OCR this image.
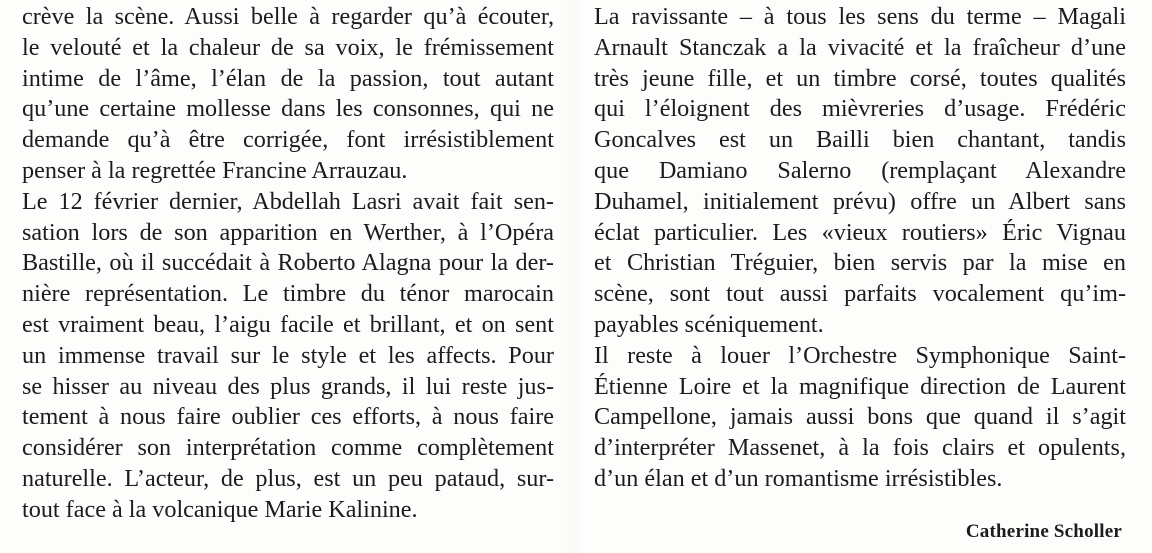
crève la scène. Aussi belle à regarder qu’à écouter,
le velouté et la chaleur de sa voix, le frémissement
intime de l’âme, l’élan de la passion, tout autant
qu’une certaine mollesse dans les consonnes, qui ne
demande qu’à être corrigée, font irrésistiblement
penser à la regrettée Francine Arrauzau.
Le 12 février dernier, Abdellah Lasri avait fait sen-
sation lors de son apparition en Werther, à l’Opéra
Bastille, où il succédait à Roberto Alagna pour la der-
nière représentation. Le timbre du ténor marocain
est vraiment beau, l’aigu facile et brillant, et on sent
un immense travail sur le style et les affects. Pour
se hisser au niveau des plus grands, il lui reste jus-
tement à nous faire oublier ces efforts, à nous faire
considérer son interprétation comme complètement
naturelle. L’acteur, de plus, est un peu pataud, sur-
tout face à la volcanique Marie Kalinine.
La ravissante – à tous les sens du terme – Magali
Arnault Stanczak a la vivacité et la fraîcheur d’une
très jeune fille, et un timbre corsé, toutes qualités
qui l’éloignent des mièvreries d’usage. Frédéric
Goncalves est un Bailli bien chantant, tandis
que Damiano Salerno (remplaçant Alexandre
Duhamel, initialement prévu) offre un Albert sans
éclat particulier. Les «vieux routiers» Éric Vignau
et Christian Tréguier, bien servis par la mise en
scène, sont tout aussi parfaits vocalement qu’im-
payables scéniquement.
Il reste à louer l’Orchestre Symphonique Saint-
Étienne Loire et la magnifique direction de Laurent
Campellone, jamais aussi bons que quand il s’agit
d’interpréter Massenet, à la fois clairs et opulents,
d’un élan et d’un romantisme irrésistibles.
Catherine Scholler
